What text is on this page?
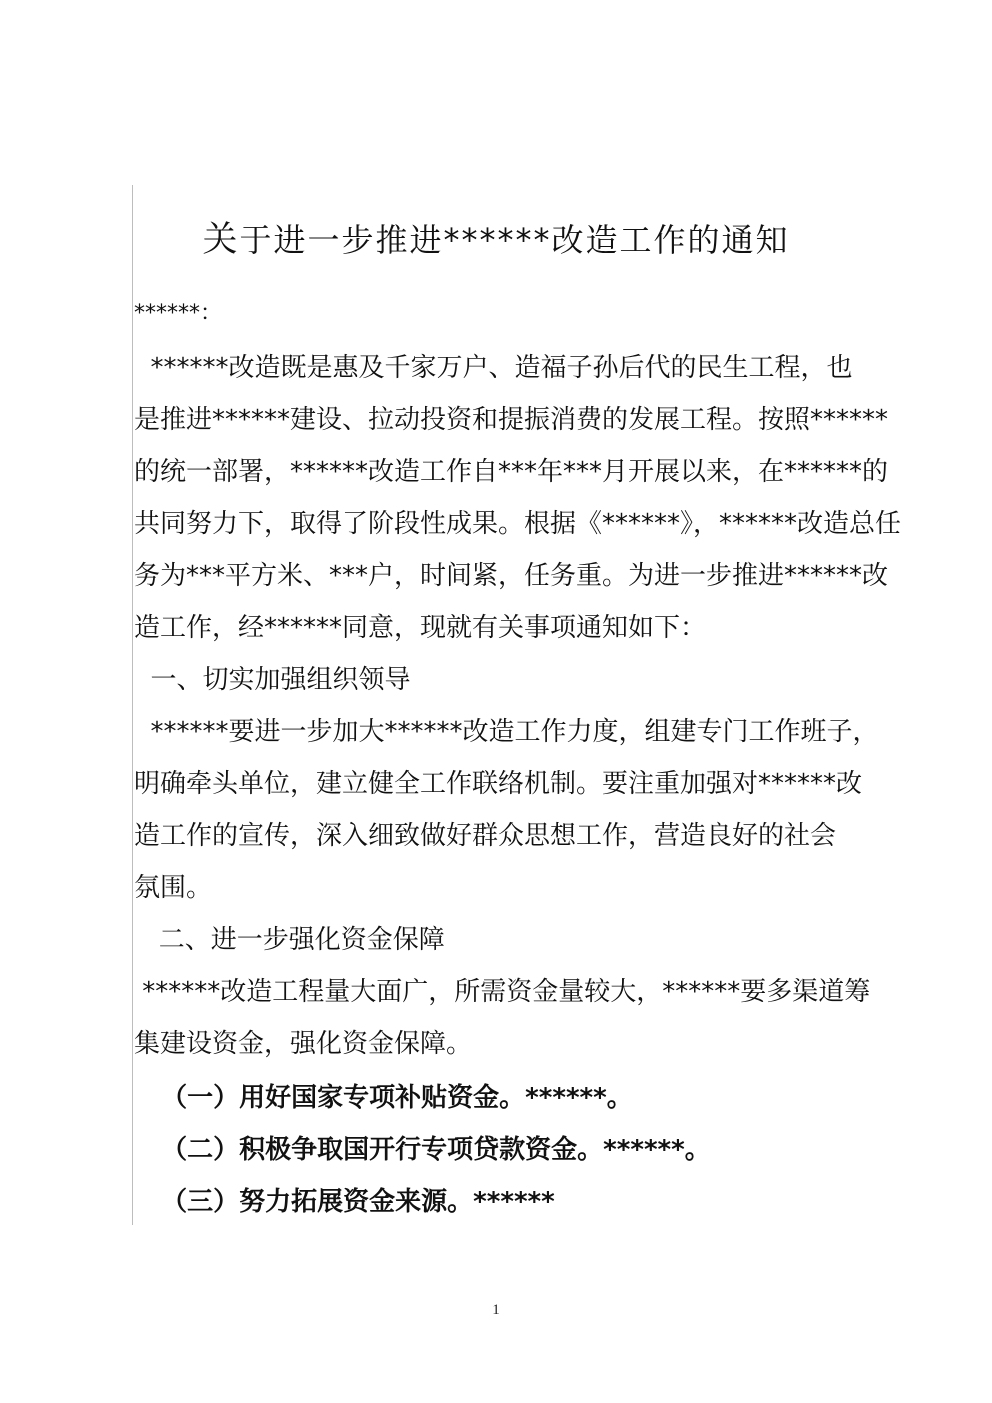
关于进一步推进******改造工作的通知
******：
******改造既是惠及千家万户、造福子孙后代的民生工程，也
是推进******建设、拉动投资和提振消费的发展工程。按照******
的统一部署，******改造工作自***年***月开展以来，在******的
共同努力下，取得了阶段性成果。根据《******》，******改造总任
务为***平方米、***户，时间紧，任务重。为进一步推进******改
造工作，经******同意，现就有关事项通知如下：
一、切实加强组织领导
******要进一步加大******改造工作力度，组建专门工作班子，
明确牵头单位，建立健全工作联络机制。要注重加强对******改
造工作的宣传，深入细致做好群众思想工作，营造良好的社会
氛围。
二、进一步强化资金保障
******改造工程量大面广，所需资金量较大，******要多渠道筹
集建设资金，强化资金保障。
（一）用好国家专项补贴资金。******。
（二）积极争取国开行专项贷款资金。******。
（三）努力拓展资金来源。******
1
